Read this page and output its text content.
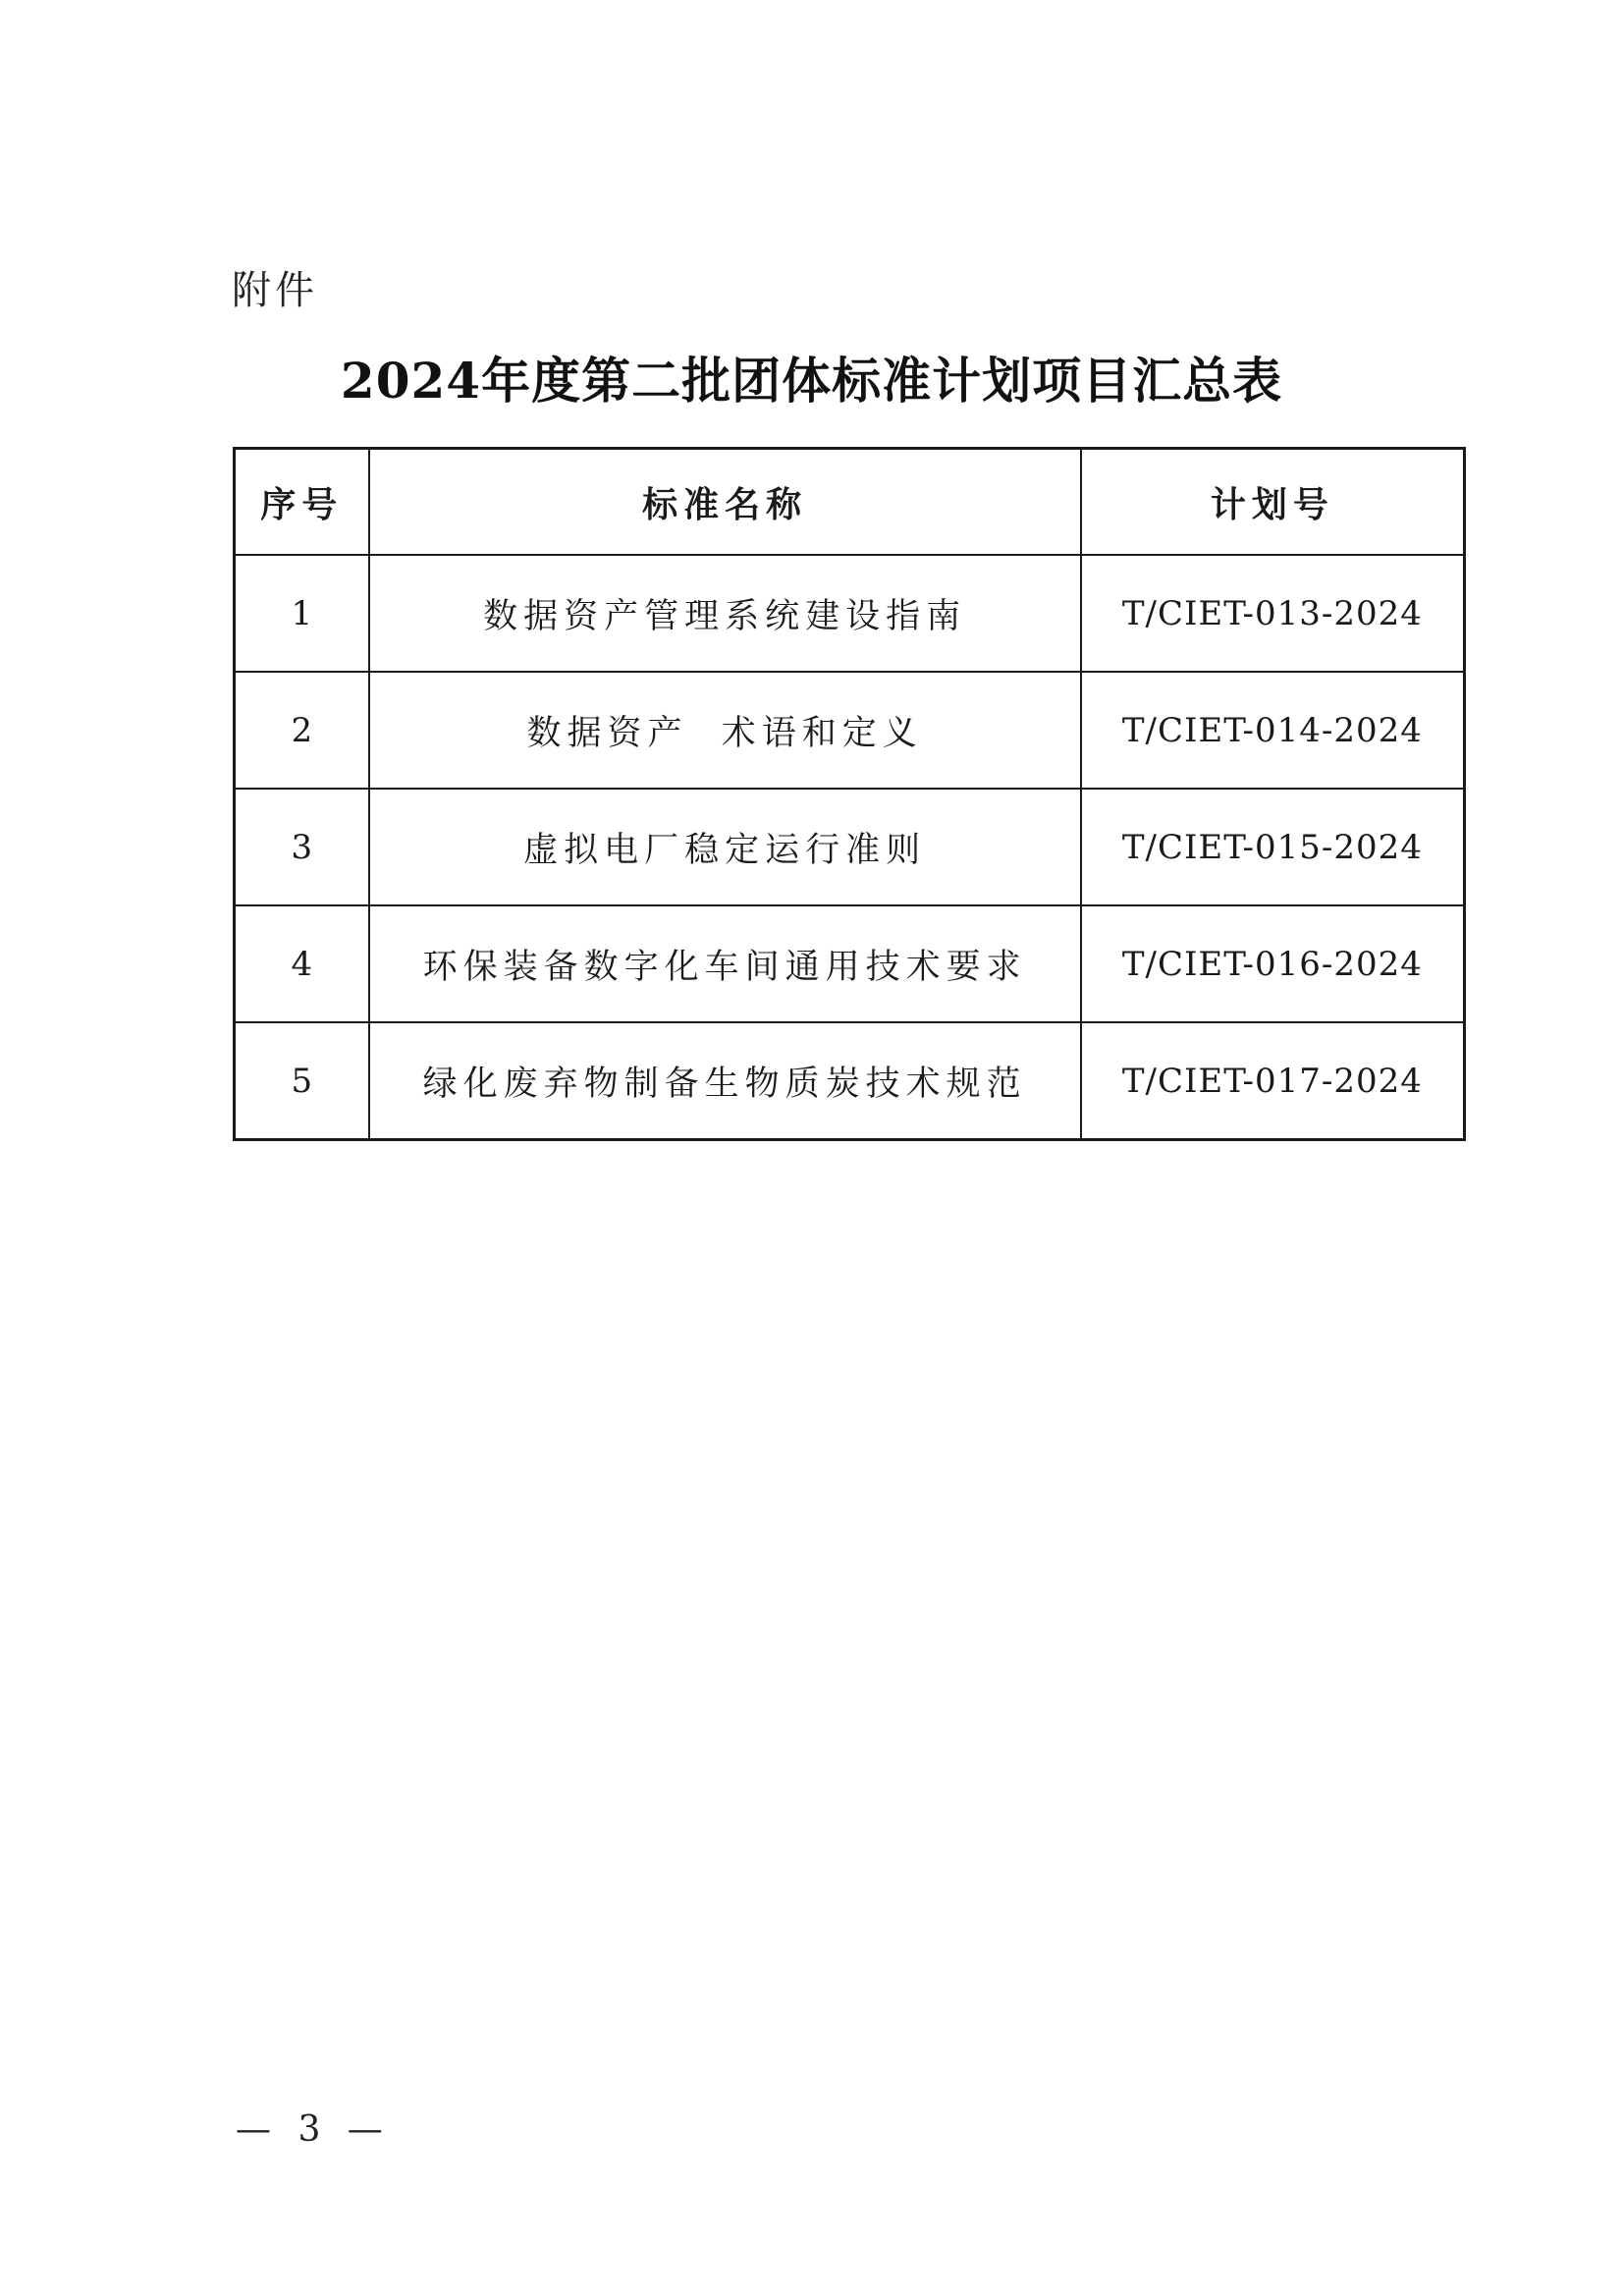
附件
2024年度第二批团体标准计划项目汇总表
序号	标准名称	计划号
1	数据资产管理系统建设指南	T/CIET-013-2024
2	数据资产  术语和定义	T/CIET-014-2024
3	虚拟电厂稳定运行准则	T/CIET-015-2024
4	环保装备数字化车间通用技术要求	T/CIET-016-2024
5	绿化废弃物制备生物质炭技术规范	T/CIET-017-2024
— 3 —
